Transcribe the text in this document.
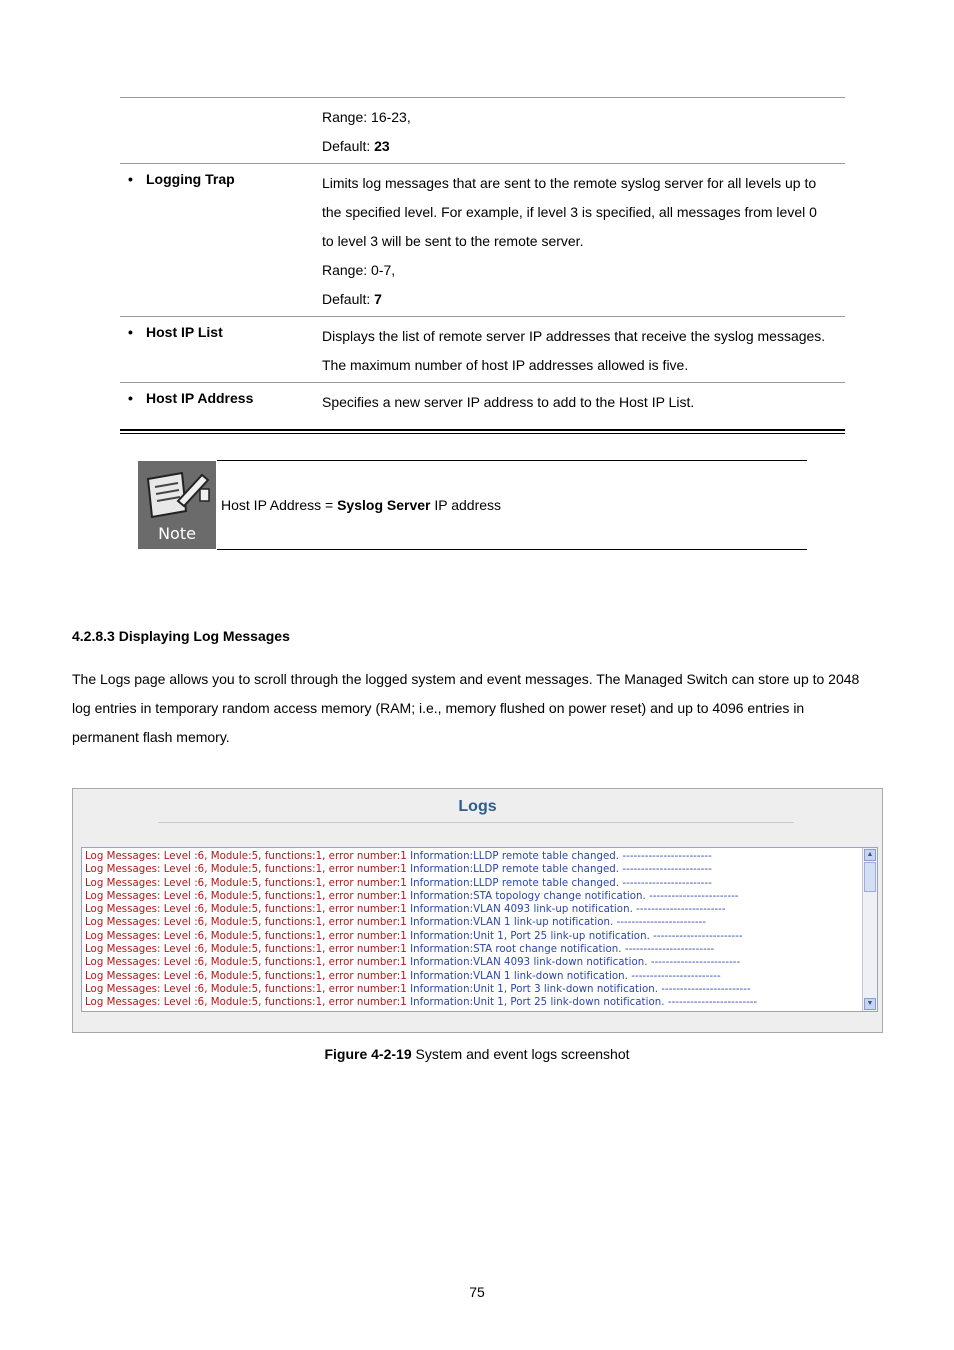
Range: 16-23,
Default: 23
• Logging Trap	Limits log messages that are sent to the remote syslog server for all levels up to
the specified level. For example, if level 3 is specified, all messages from level 0
to level 3 will be sent to the remote server.
Range: 0-7,
Default: 7
• Host IP List	Displays the list of remote server IP addresses that receive the syslog messages.
The maximum number of host IP addresses allowed is five.
• Host IP Address	Specifies a new server IP address to add to the Host IP List.
Note
Host IP Address = Syslog Server IP address
4.2.8.3 Displaying Log Messages
The Logs page allows you to scroll through the logged system and event messages. The Managed Switch can store up to 2048
log entries in temporary random access memory (RAM; i.e., memory flushed on power reset) and up to 4096 entries in
permanent flash memory.
Logs
Log Messages: Level :6, Module:5, functions:1, error number:1 Information:LLDP remote table changed. ------------------------
Log Messages: Level :6, Module:5, functions:1, error number:1 Information:LLDP remote table changed. ------------------------
Log Messages: Level :6, Module:5, functions:1, error number:1 Information:LLDP remote table changed. ------------------------
Log Messages: Level :6, Module:5, functions:1, error number:1 Information:STA topology change notification. ------------------------
Log Messages: Level :6, Module:5, functions:1, error number:1 Information:VLAN 4093 link-up notification. ------------------------
Log Messages: Level :6, Module:5, functions:1, error number:1 Information:VLAN 1 link-up notification. ------------------------
Log Messages: Level :6, Module:5, functions:1, error number:1 Information:Unit 1, Port 25 link-up notification. ------------------------
Log Messages: Level :6, Module:5, functions:1, error number:1 Information:STA root change notification. ------------------------
Log Messages: Level :6, Module:5, functions:1, error number:1 Information:VLAN 4093 link-down notification. ------------------------
Log Messages: Level :6, Module:5, functions:1, error number:1 Information:VLAN 1 link-down notification. ------------------------
Log Messages: Level :6, Module:5, functions:1, error number:1 Information:Unit 1, Port 3 link-down notification. ------------------------
Log Messages: Level :6, Module:5, functions:1, error number:1 Information:Unit 1, Port 25 link-down notification. ------------------------
▲
▼
Figure 4-2-19 System and event logs screenshot
75
